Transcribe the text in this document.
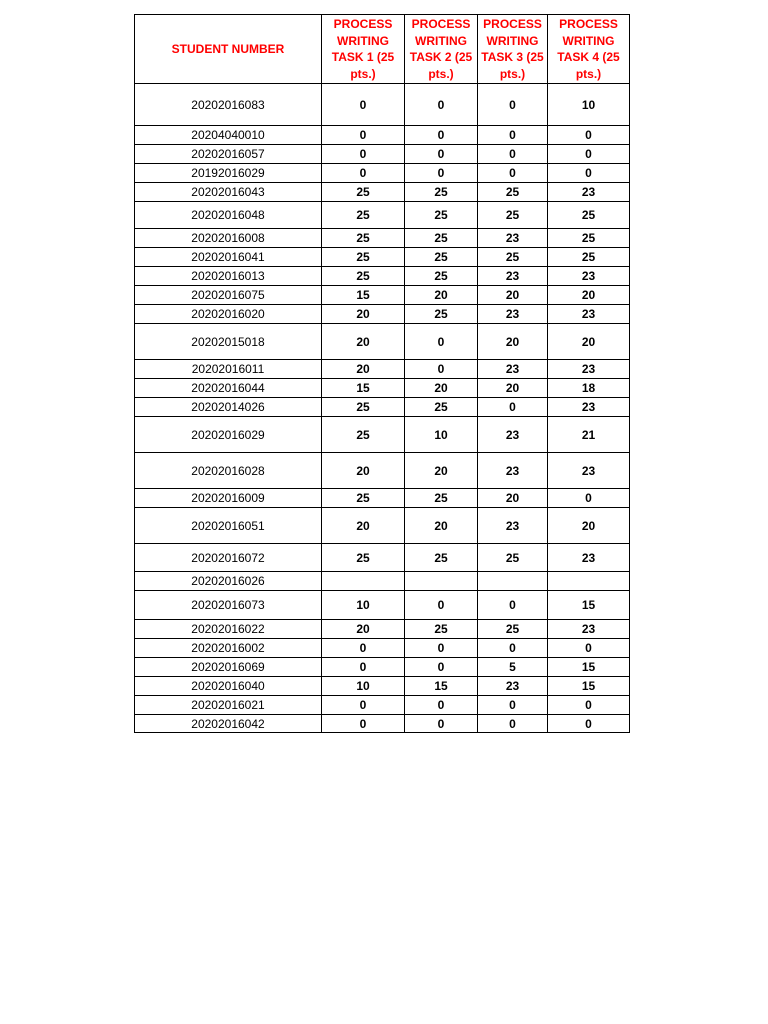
STUDENT NUMBER	PROCESS WRITING TASK 1 (25 pts.)	PROCESS WRITING TASK 2 (25 pts.)	PROCESS WRITING TASK 3 (25 pts.)	PROCESS WRITING TASK 4 (25 pts.)
20202016083	0	0	0	10
20204040010	0	0	0	0
20202016057	0	0	0	0
20192016029	0	0	0	0
20202016043	25	25	25	23
20202016048	25	25	25	25
20202016008	25	25	23	25
20202016041	25	25	25	25
20202016013	25	25	23	23
20202016075	15	20	20	20
20202016020	20	25	23	23
20202015018	20	0	20	20
20202016011	20	0	23	23
20202016044	15	20	20	18
20202014026	25	25	0	23
20202016029	25	10	23	21
20202016028	20	20	23	23
20202016009	25	25	20	0
20202016051	20	20	23	20
20202016072	25	25	25	23
20202016026				
20202016073	10	0	0	15
20202016022	20	25	25	23
20202016002	0	0	0	0
20202016069	0	0	5	15
20202016040	10	15	23	15
20202016021	0	0	0	0
20202016042	0	0	0	0
